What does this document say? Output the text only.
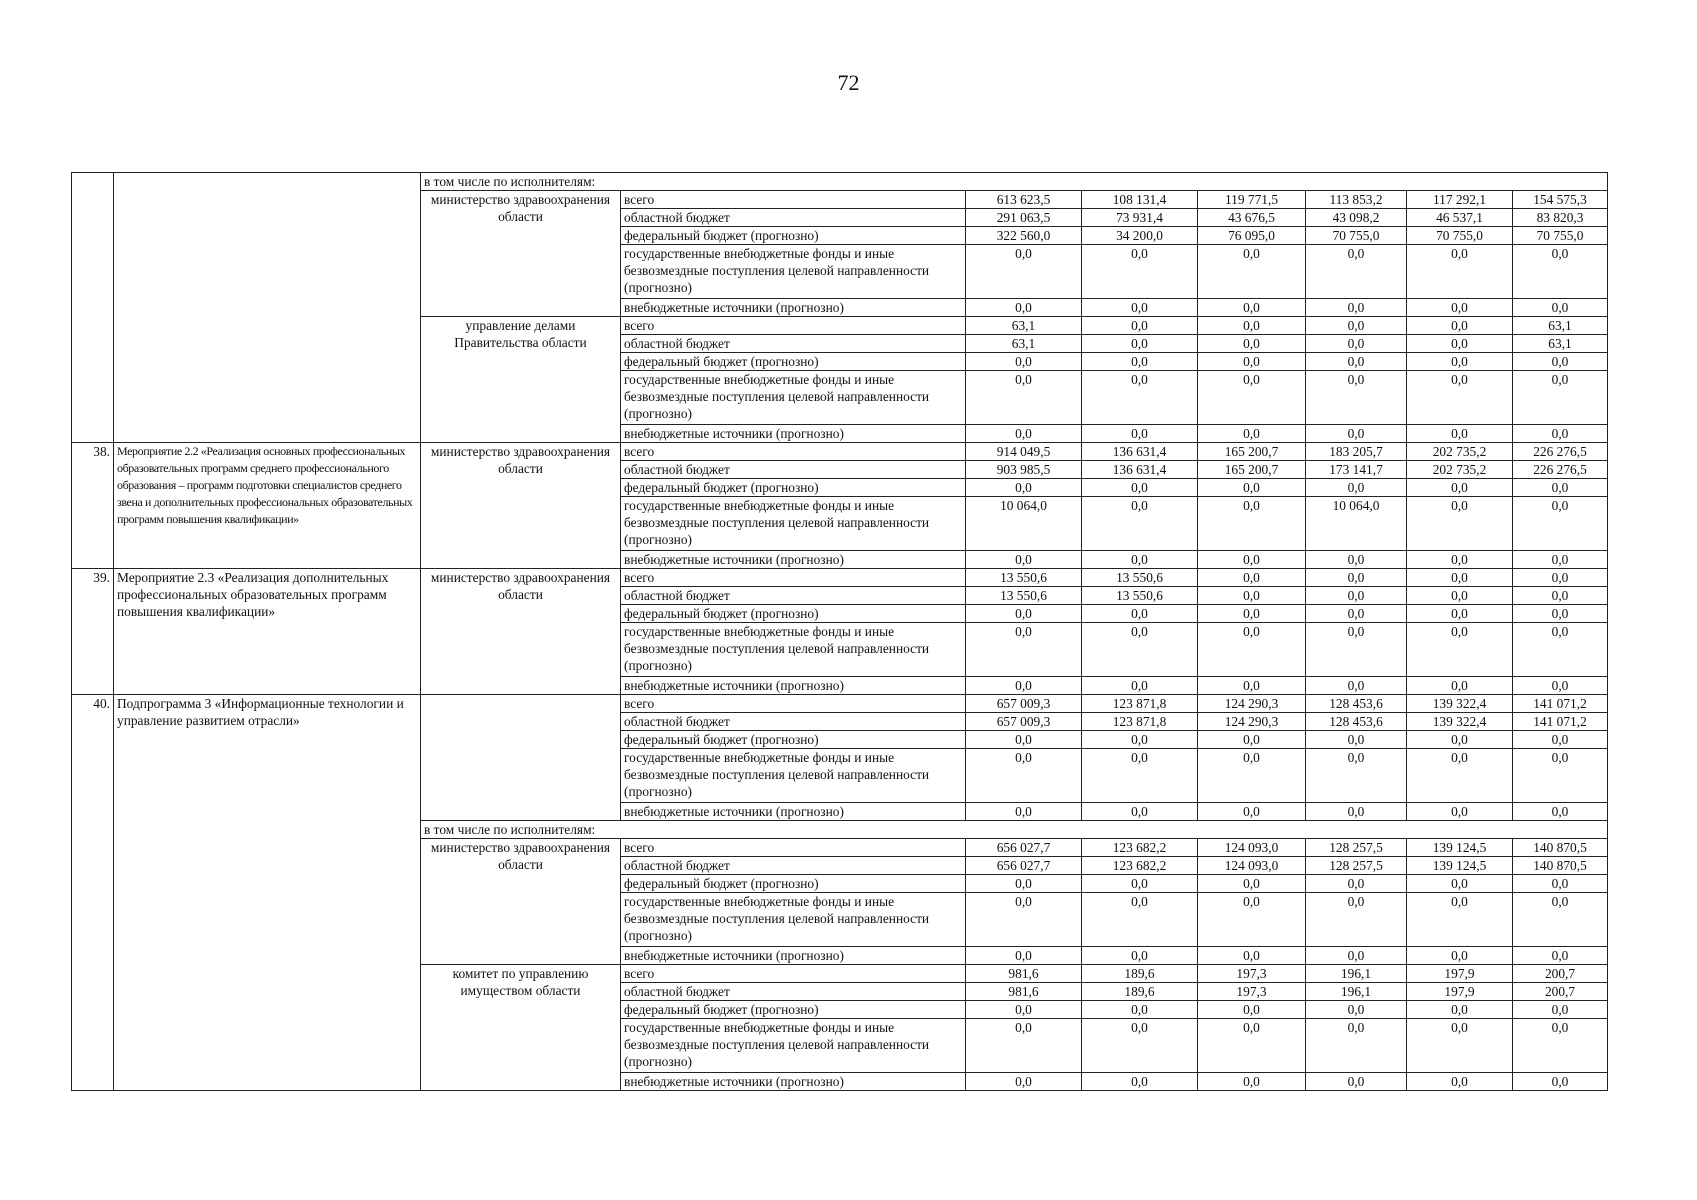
72
		в том числе по исполнителям:							
		министерство здравоохранения области	всего	613 623,5	108 131,4	119 771,5	113 853,2	117 292,1	154 575,3
			областной бюджет	291 063,5	73 931,4	43 676,5	43 098,2	46 537,1	83 820,3
			федеральный бюджет (прогнозно)	322 560,0	34 200,0	76 095,0	70 755,0	70 755,0	70 755,0
			государственные внебюджетные фонды и иные безвозмездные поступления целевой направленности (прогнозно)	0,0	0,0	0,0	0,0	0,0	0,0
			внебюджетные источники (прогнозно)	0,0	0,0	0,0	0,0	0,0	0,0
		управление делами Правительства области	всего	63,1	0,0	0,0	0,0	0,0	63,1
			областной бюджет	63,1	0,0	0,0	0,0	0,0	63,1
			федеральный бюджет (прогнозно)	0,0	0,0	0,0	0,0	0,0	0,0
			государственные внебюджетные фонды и иные безвозмездные поступления целевой направленности (прогнозно)	0,0	0,0	0,0	0,0	0,0	0,0
			внебюджетные источники (прогнозно)	0,0	0,0	0,0	0,0	0,0	0,0
38.	Мероприятие 2.2 «Реализация основных профессиональных образовательных программ среднего профессионального образования – программ подготовки специалистов среднего звена и дополнительных профессиональных образовательных программ повышения квалификации»	министерство здравоохранения области	всего	914 049,5	136 631,4	165 200,7	183 205,7	202 735,2	226 276,5
			областной бюджет	903 985,5	136 631,4	165 200,7	173 141,7	202 735,2	226 276,5
			федеральный бюджет (прогнозно)	0,0	0,0	0,0	0,0	0,0	0,0
			государственные внебюджетные фонды и иные безвозмездные поступления целевой направленности (прогнозно)	10 064,0	0,0	0,0	10 064,0	0,0	0,0
			внебюджетные источники (прогнозно)	0,0	0,0	0,0	0,0	0,0	0,0
39.	Мероприятие 2.3 «Реализация дополнительных профессиональных образовательных программ повышения квалификации»	министерство здравоохранения области	всего	13 550,6	13 550,6	0,0	0,0	0,0	0,0
			областной бюджет	13 550,6	13 550,6	0,0	0,0	0,0	0,0
			федеральный бюджет (прогнозно)	0,0	0,0	0,0	0,0	0,0	0,0
			государственные внебюджетные фонды и иные безвозмездные поступления целевой направленности (прогнозно)	0,0	0,0	0,0	0,0	0,0	0,0
			внебюджетные источники (прогнозно)	0,0	0,0	0,0	0,0	0,0	0,0
40.	Подпрограмма 3 «Информационные технологии и управление развитием отрасли»		всего	657 009,3	123 871,8	124 290,3	128 453,6	139 322,4	141 071,2
			областной бюджет	657 009,3	123 871,8	124 290,3	128 453,6	139 322,4	141 071,2
			федеральный бюджет (прогнозно)	0,0	0,0	0,0	0,0	0,0	0,0
			государственные внебюджетные фонды и иные безвозмездные поступления целевой направленности (прогнозно)	0,0	0,0	0,0	0,0	0,0	0,0
			внебюджетные источники (прогнозно)	0,0	0,0	0,0	0,0	0,0	0,0
		в том числе по исполнителям:							
		министерство здравоохранения области	всего	656 027,7	123 682,2	124 093,0	128 257,5	139 124,5	140 870,5
			областной бюджет	656 027,7	123 682,2	124 093,0	128 257,5	139 124,5	140 870,5
			федеральный бюджет (прогнозно)	0,0	0,0	0,0	0,0	0,0	0,0
			государственные внебюджетные фонды и иные безвозмездные поступления целевой направленности (прогнозно)	0,0	0,0	0,0	0,0	0,0	0,0
			внебюджетные источники (прогнозно)	0,0	0,0	0,0	0,0	0,0	0,0
		комитет по управлению имуществом области	всего	981,6	189,6	197,3	196,1	197,9	200,7
			областной бюджет	981,6	189,6	197,3	196,1	197,9	200,7
			федеральный бюджет (прогнозно)	0,0	0,0	0,0	0,0	0,0	0,0
			государственные внебюджетные фонды и иные безвозмездные поступления целевой направленности (прогнозно)	0,0	0,0	0,0	0,0	0,0	0,0
			внебюджетные источники (прогнозно)	0,0	0,0	0,0	0,0	0,0	0,0
